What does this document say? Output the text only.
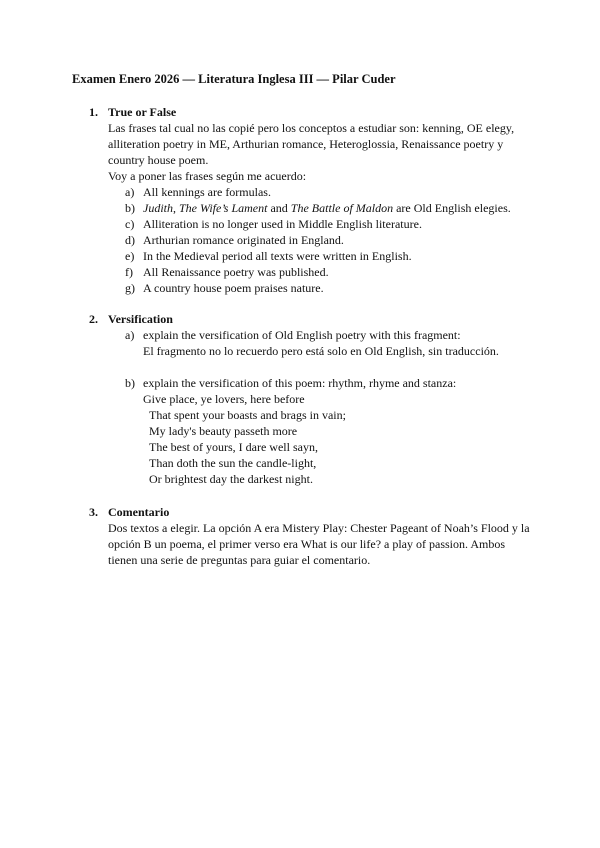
Examen Enero 2026 — Literatura Inglesa III — Pilar Cuder
1. True or False
Las frases tal cual no las copié pero los conceptos a estudiar son: kenning, OE elegy, alliteration poetry in ME, Arthurian romance, Heteroglossia, Renaissance poetry y country house poem.
Voy a poner las frases según me acuerdo:
a) All kennings are formulas.
b) Judith, The Wife’s Lament and The Battle of Maldon are Old English elegies.
c) Alliteration is no longer used in Middle English literature.
d) Arthurian romance originated in England.
e) In the Medieval period all texts were written in English.
f) All Renaissance poetry was published.
g) A country house poem praises nature.
2. Versification
a) explain the versification of Old English poetry with this fragment:
El fragmento no lo recuerdo pero está solo en Old English, sin traducción.
b) explain the versification of this poem: rhythm, rhyme and stanza:
Give place, ye lovers, here before
That spent your boasts and brags in vain;
My lady's beauty passeth more
The best of yours, I dare well sayn,
Than doth the sun the candle-light,
Or brightest day the darkest night.
3. Comentario
Dos textos a elegir. La opción A era Mistery Play: Chester Pageant of Noah’s Flood y la opción B un poema, el primer verso era What is our life? a play of passion. Ambos tienen una serie de preguntas para guiar el comentario.
